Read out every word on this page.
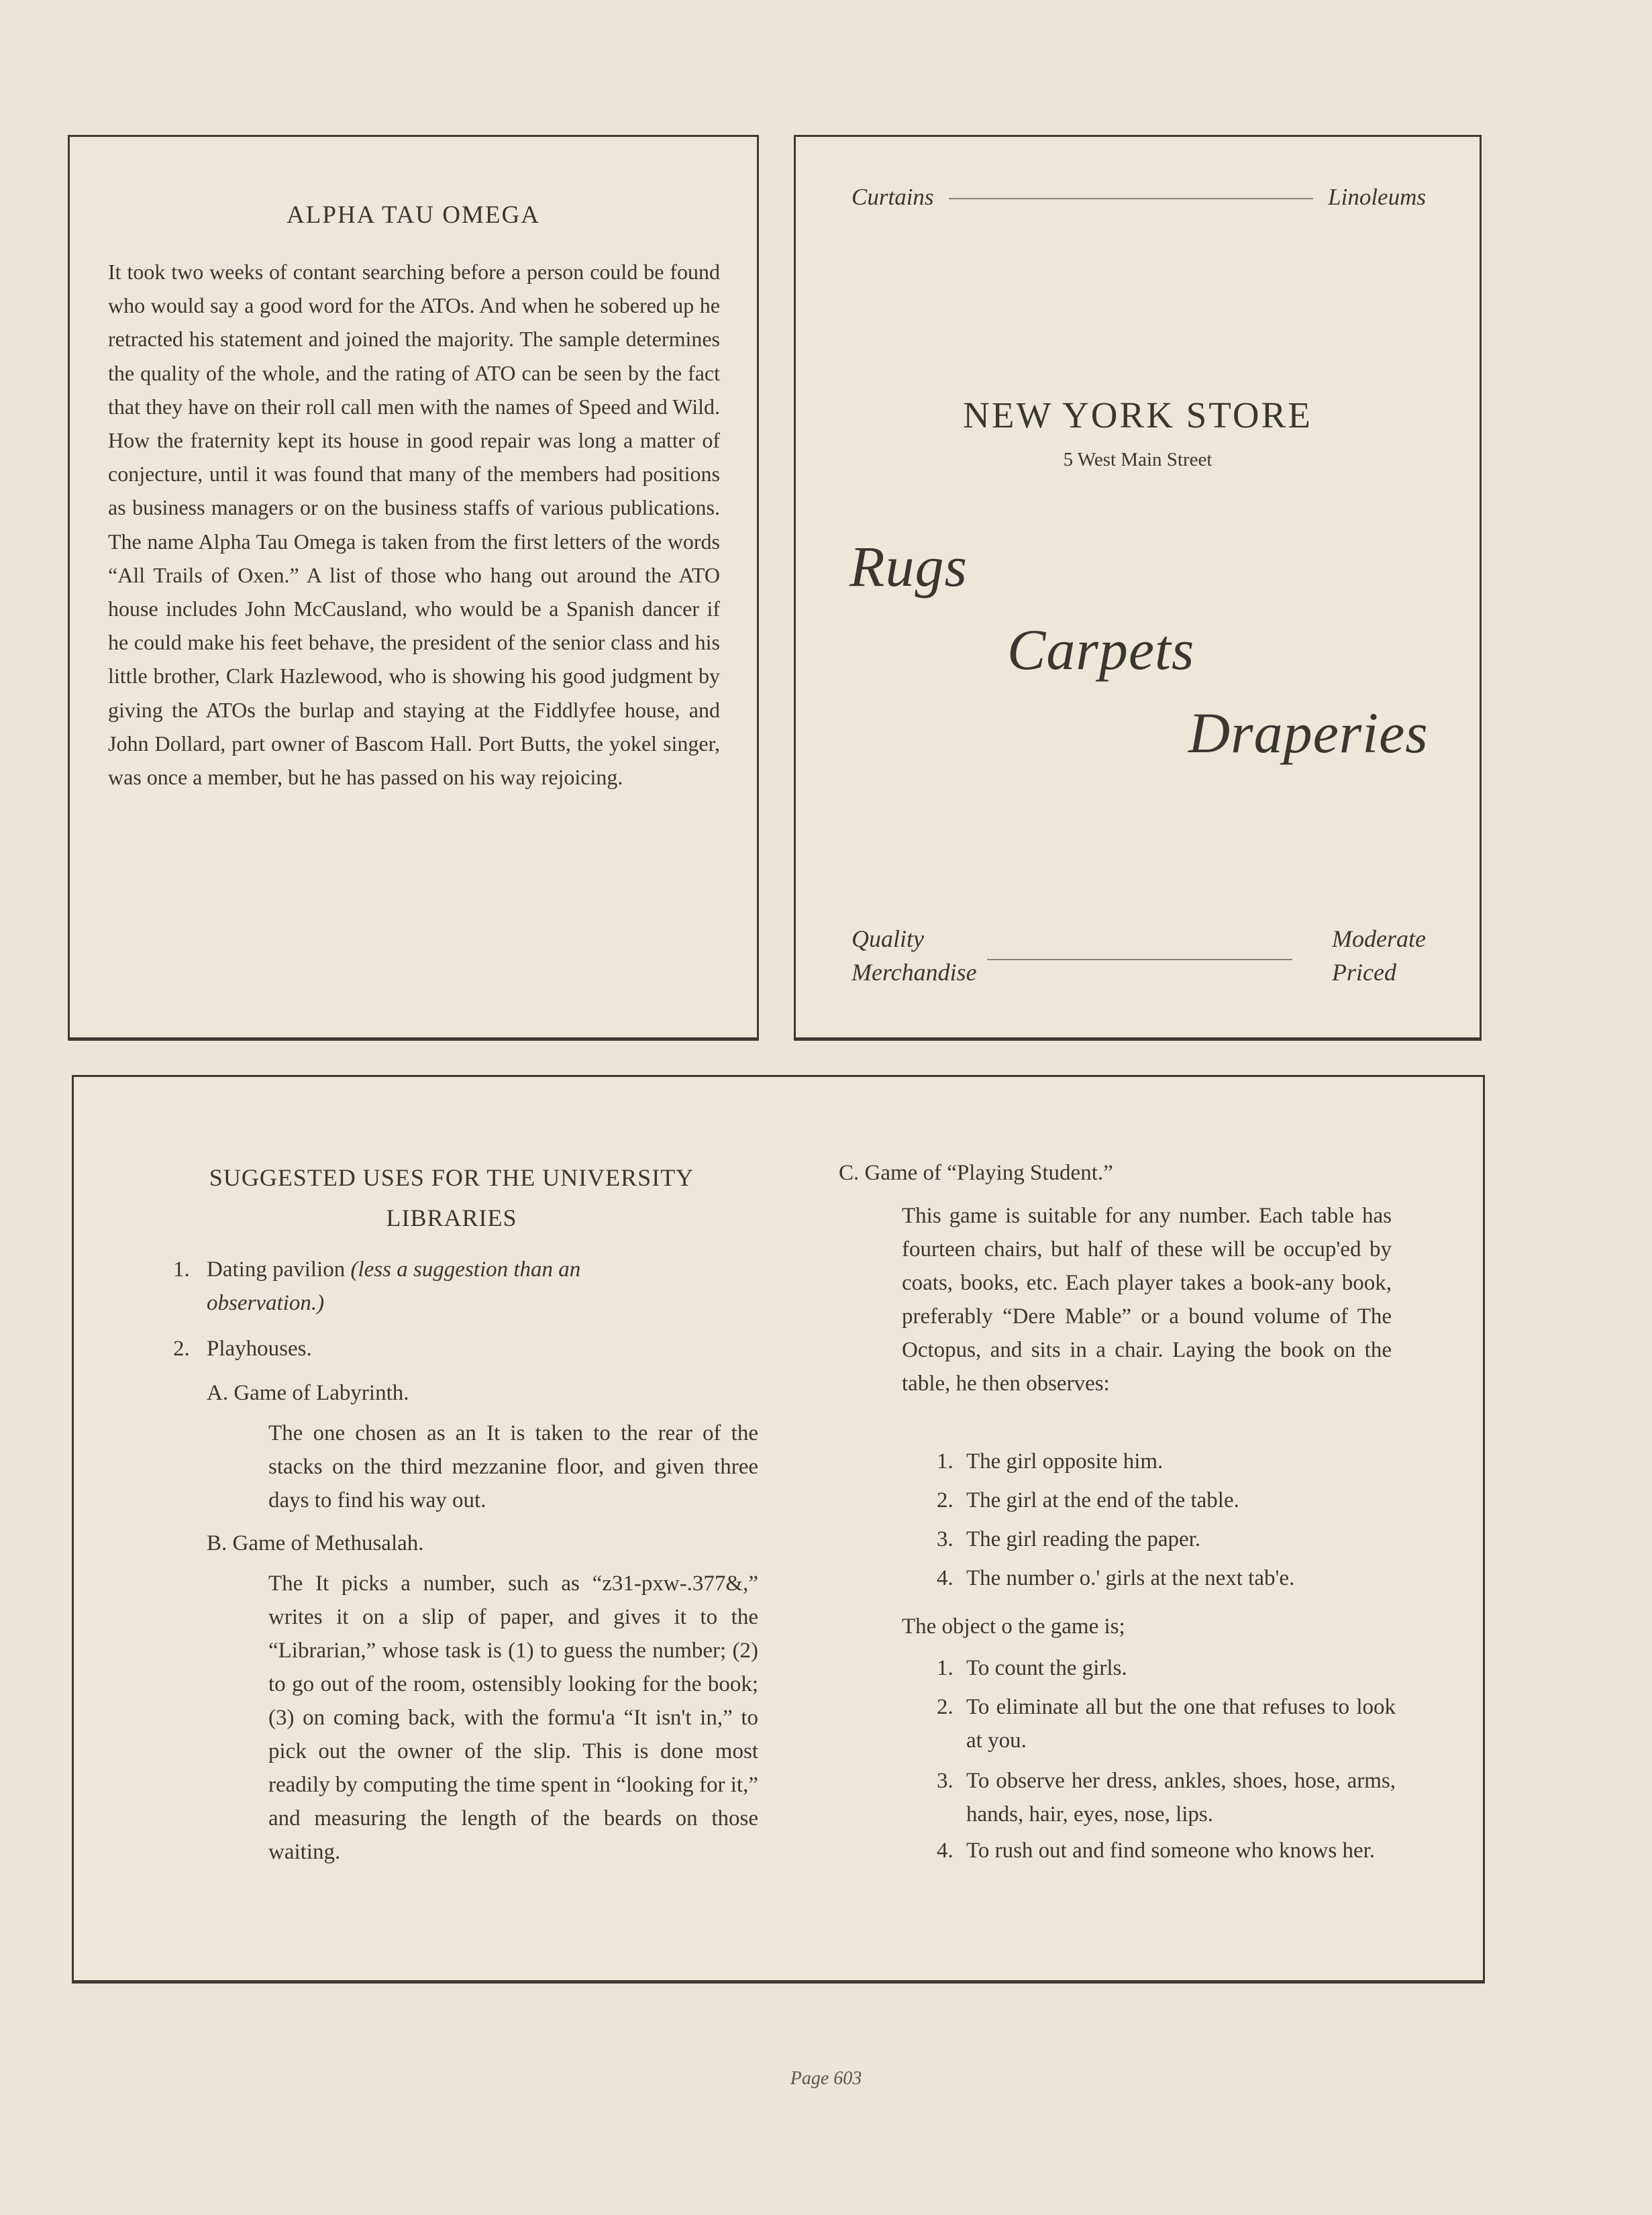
ALPHA TAU OMEGA
It took two weeks of contant searching before a person could be found who would say a good word for the ATOs. And when he sobered up he retracted his statement and joined the majority. The sample determines the quality of the whole, and the rating of ATO can be seen by the fact that they have on their roll call men with the names of Speed and Wild. How the fraternity kept its house in good repair was long a matter of conjecture, until it was found that many of the members had positions as business managers or on the business staffs of various publications. The name Alpha Tau Omega is taken from the first letters of the words “All Trails of Oxen.” A list of those who hang out around the ATO house includes John McCausland, who would be a Spanish dancer if he could make his feet behave, the president of the senior class and his little brother, Clark Hazlewood, who is showing his good judgment by giving the ATOs the burlap and staying at the Fiddlyfee house, and John Dollard, part owner of Bascom Hall. Port Butts, the yokel singer, was once a member, but he has passed on his way rejoicing.
Curtains	Linoleums
NEW YORK STORE
5 West Main Street
Rugs
Carpets
Draperies
Quality
Merchandise
Moderate
Priced
SUGGESTED USES FOR THE UNIVERSITY
LIBRARIES
1. Dating pavilion (less a suggestion than an observation.)
2. Playhouses.
A. Game of Labyrinth.
The one chosen as an It is taken to the rear of the stacks on the third mezzanine floor, and given three days to find his way out.
B. Game of Methusalah.
The It picks a number, such as “z31-pxw-.377&,” writes it on a slip of paper, and gives it to the “Librarian,” whose task is (1) to guess the number; (2) to go out of the room, ostensibly looking for the book; (3) on coming back, with the formu'a “It isn't in,” to pick out the owner of the slip. This is done most readily by computing the time spent in “looking for it,” and measuring the length of the beards on those waiting.
C. Game of “Playing Student.”
This game is suitable for any number. Each table has fourteen chairs, but half of these will be occup'ed by coats, books, etc. Each player takes a book-any book, preferably “Dere Mable” or a bound volume of The Octopus, and sits in a chair. Laying the book on the table, he then observes:
1. The girl opposite him.
2. The girl at the end of the table.
3. The girl reading the paper.
4. The number o.' girls at the next tab'e.
The object o the game is;
1. To count the girls.
2. To eliminate all but the one that refuses to look at you.
3. To observe her dress, ankles, shoes, hose, arms, hands, hair, eyes, nose, lips.
4. To rush out and find someone who knows her.
Page 603
